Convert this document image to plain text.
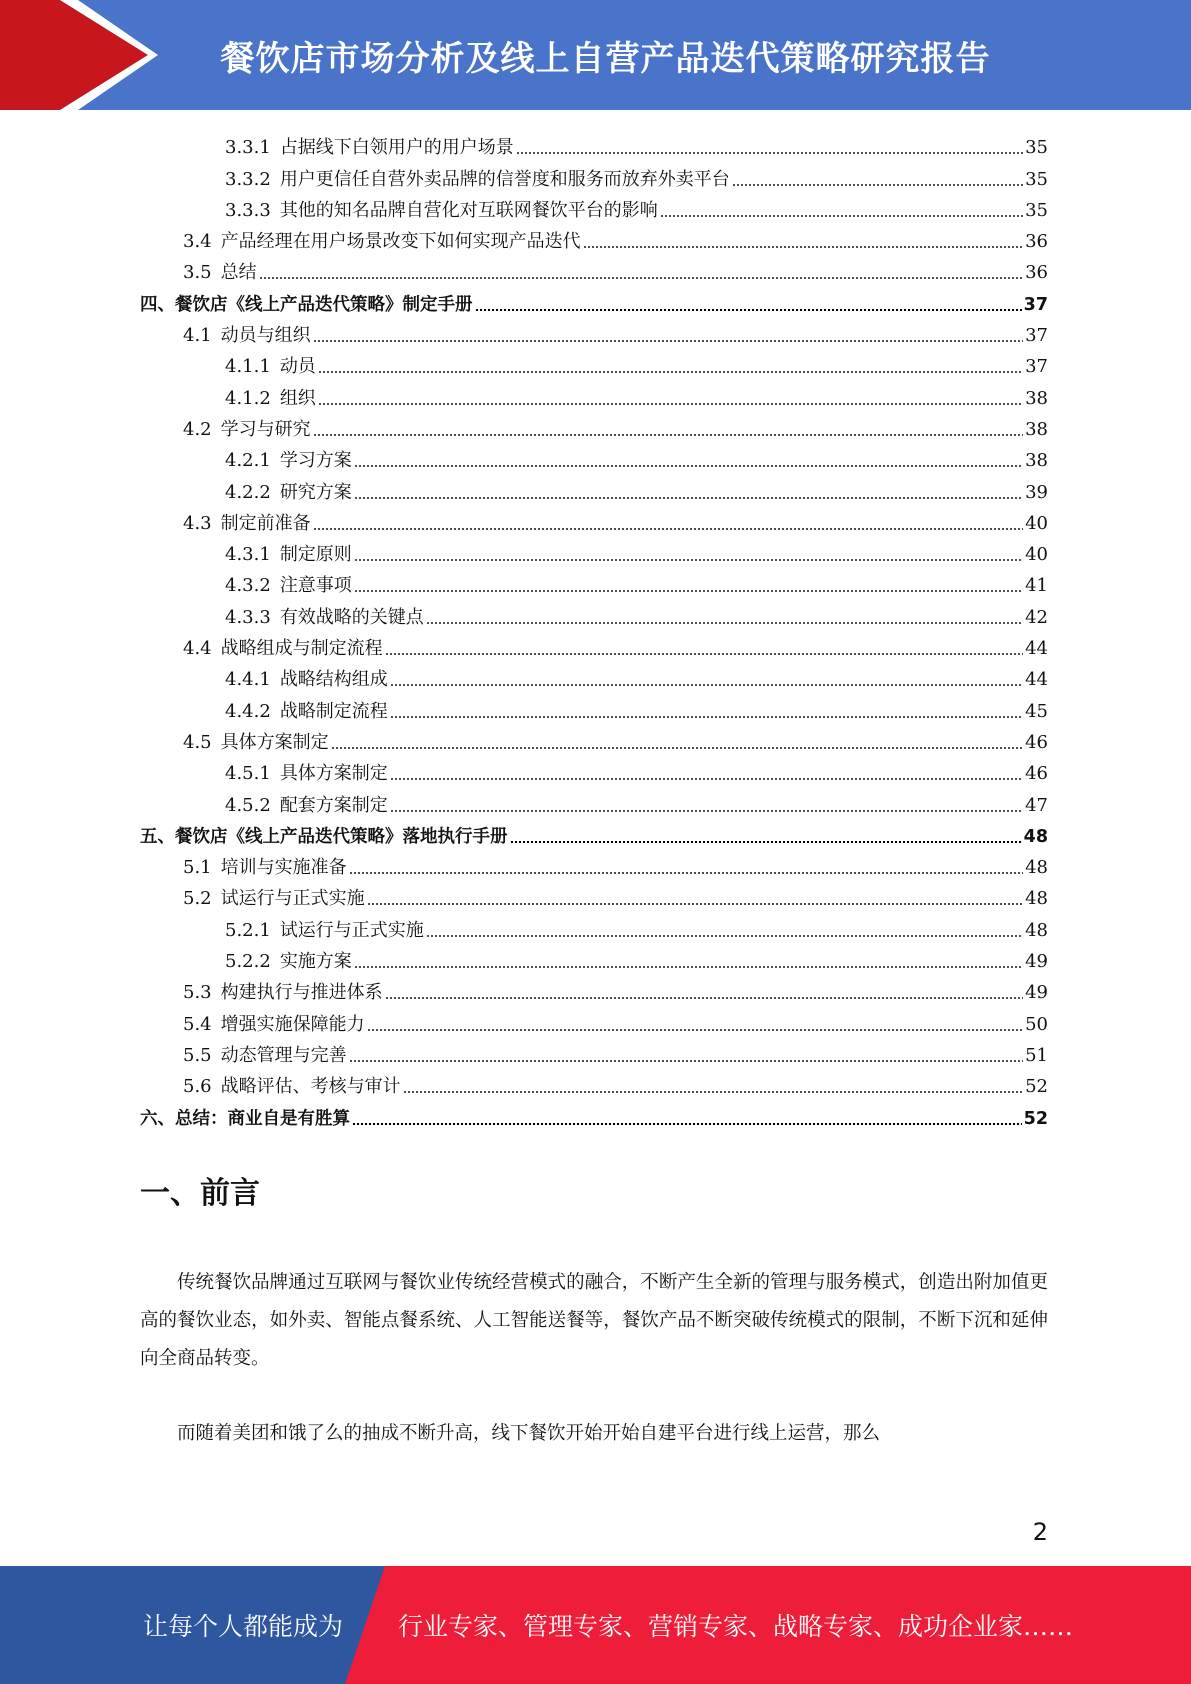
餐饮店市场分析及线上自营产品迭代策略研究报告
3.3.1 占据线下白领用户的用户场景	35
3.3.2 用户更信任自营外卖品牌的信誉度和服务而放弃外卖平台	35
3.3.3 其他的知名品牌自营化对互联网餐饮平台的影响	35
3.4 产品经理在用户场景改变下如何实现产品迭代	36
3.5 总结	36
四、餐饮店《线上产品迭代策略》制定手册	37
4.1 动员与组织	37
4.1.1 动员	37
4.1.2 组织	38
4.2 学习与研究	38
4.2.1 学习方案	38
4.2.2 研究方案	39
4.3 制定前准备	40
4.3.1 制定原则	40
4.3.2 注意事项	41
4.3.3 有效战略的关键点	42
4.4 战略组成与制定流程	44
4.4.1 战略结构组成	44
4.4.2 战略制定流程	45
4.5 具体方案制定	46
4.5.1 具体方案制定	46
4.5.2 配套方案制定	47
五、餐饮店《线上产品迭代策略》落地执行手册	48
5.1 培训与实施准备	48
5.2 试运行与正式实施	48
5.2.1 试运行与正式实施	48
5.2.2 实施方案	49
5.3 构建执行与推进体系	49
5.4 增强实施保障能力	50
5.5 动态管理与完善	51
5.6 战略评估、考核与审计	52
六、总结：商业自是有胜算	52
一、前言
传统餐饮品牌通过互联网与餐饮业传统经营模式的融合，不断产生全新的管理与服务模式，创造出附加值更高的餐饮业态，如外卖、智能点餐系统、人工智能送餐等，餐饮产品不断突破传统模式的限制，不断下沉和延伸向全商品转变。
而随着美团和饿了么的抽成不断升高，线下餐饮开始开始自建平台进行线上运营，那么
2
让每个人都能成为 行业专家、管理专家、营销专家、战略专家、成功企业家……
